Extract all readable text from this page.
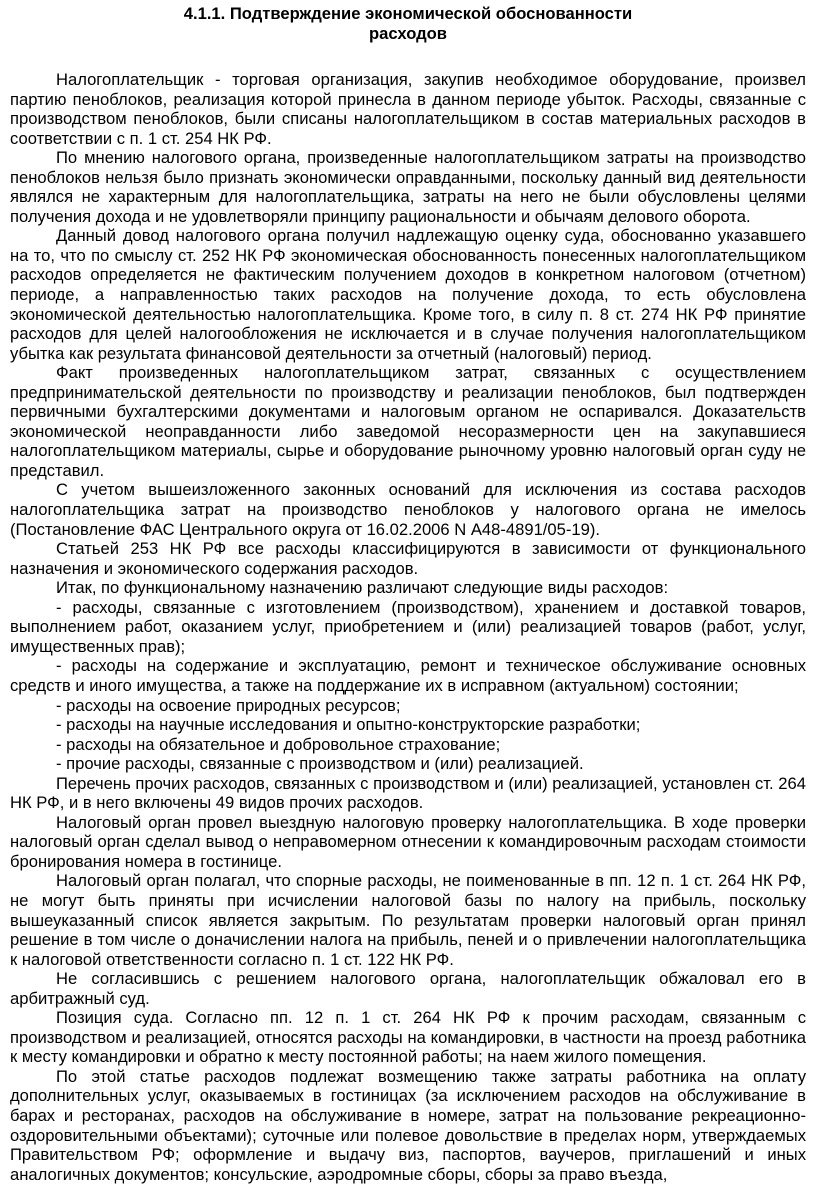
4.1.1. Подтверждение экономической обоснованности
расходов

Налогоплательщик - торговая организация, закупив необходимое оборудование, произвел партию пеноблоков, реализация которой принесла в данном периоде убыток. Расходы, связанные с производством пеноблоков, были списаны налогоплательщиком в состав материальных расходов в соответствии с п. 1 ст. 254 НК РФ.

По мнению налогового органа, произведенные налогоплательщиком затраты на производство пеноблоков нельзя было признать экономически оправданными, поскольку данный вид деятельности являлся не характерным для налогоплательщика, затраты на него не были обусловлены целями получения дохода и не удовлетворяли принципу рациональности и обычаям делового оборота.

Данный довод налогового органа получил надлежащую оценку суда, обоснованно указавшего на то, что по смыслу ст. 252 НК РФ экономическая обоснованность понесенных налогоплательщиком расходов определяется не фактическим получением доходов в конкретном налоговом (отчетном) периоде, а направленностью таких расходов на получение дохода, то есть обусловлена экономической деятельностью налогоплательщика. Кроме того, в силу п. 8 ст. 274 НК РФ принятие расходов для целей налогообложения не исключается и в случае получения налогоплательщиком убытка как результата финансовой деятельности за отчетный (налоговый) период.

Факт произведенных налогоплательщиком затрат, связанных с осуществлением предпринимательской деятельности по производству и реализации пеноблоков, был подтвержден первичными бухгалтерскими документами и налоговым органом не оспаривался. Доказательств экономической неоправданности либо заведомой несоразмерности цен на закупавшиеся налогоплательщиком материалы, сырье и оборудование рыночному уровню налоговый орган суду не представил.

С учетом вышеизложенного законных оснований для исключения из состава расходов налогоплательщика затрат на производство пеноблоков у налогового органа не имелось (Постановление ФАС Центрального округа от 16.02.2006 N А48-4891/05-19).

Статьей 253 НК РФ все расходы классифицируются в зависимости от функционального назначения и экономического содержания расходов.

Итак, по функциональному назначению различают следующие виды расходов:

- расходы, связанные с изготовлением (производством), хранением и доставкой товаров, выполнением работ, оказанием услуг, приобретением и (или) реализацией товаров (работ, услуг, имущественных прав);

- расходы на содержание и эксплуатацию, ремонт и техническое обслуживание основных средств и иного имущества, а также на поддержание их в исправном (актуальном) состоянии;

- расходы на освоение природных ресурсов;

- расходы на научные исследования и опытно-конструкторские разработки;

- расходы на обязательное и добровольное страхование;

- прочие расходы, связанные с производством и (или) реализацией.

Перечень прочих расходов, связанных с производством и (или) реализацией, установлен ст. 264 НК РФ, и в него включены 49 видов прочих расходов.

Налоговый орган провел выездную налоговую проверку налогоплательщика. В ходе проверки налоговый орган сделал вывод о неправомерном отнесении к командировочным расходам стоимости бронирования номера в гостинице.

Налоговый орган полагал, что спорные расходы, не поименованные в пп. 12 п. 1 ст. 264 НК РФ, не могут быть приняты при исчислении налоговой базы по налогу на прибыль, поскольку вышеуказанный список является закрытым. По результатам проверки налоговый орган принял решение в том числе о доначислении налога на прибыль, пеней и о привлечении налогоплательщика к налоговой ответственности согласно п. 1 ст. 122 НК РФ.

Не согласившись с решением налогового органа, налогоплательщик обжаловал его в арбитражный суд.

Позиция суда. Согласно пп. 12 п. 1 ст. 264 НК РФ к прочим расходам, связанным с производством и реализацией, относятся расходы на командировки, в частности на проезд работника к месту командировки и обратно к месту постоянной работы; на наем жилого помещения.

По этой статье расходов подлежат возмещению также затраты работника на оплату дополнительных услуг, оказываемых в гостиницах (за исключением расходов на обслуживание в барах и ресторанах, расходов на обслуживание в номере, затрат на пользование рекреационно-оздоровительными объектами); суточные или полевое довольствие в пределах норм, утверждаемых Правительством РФ; оформление и выдачу виз, паспортов, ваучеров, приглашений и иных аналогичных документов; консульские, аэродромные сборы, сборы за право въезда,
